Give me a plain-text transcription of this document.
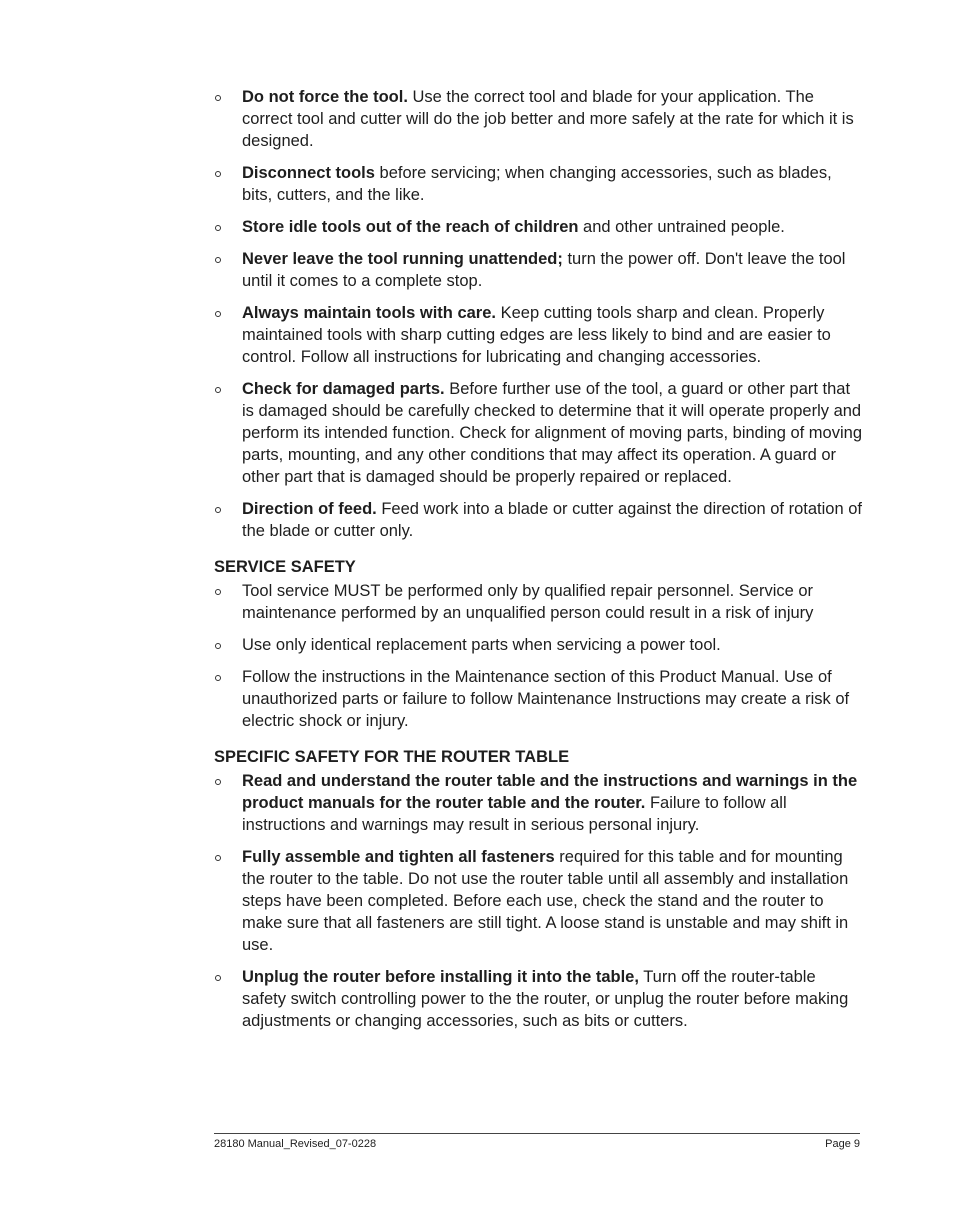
Do not force the tool. Use the correct tool and blade for your application. The correct tool and cutter will do the job better and more safely at the rate for which it is designed.
Disconnect tools before servicing; when changing accessories, such as blades, bits, cutters, and the like.
Store idle tools out of the reach of children and other untrained people.
Never leave the tool running unattended; turn the power off. Don't leave the tool until it comes to a complete stop.
Always maintain tools with care. Keep cutting tools sharp and clean. Properly maintained tools with sharp cutting edges are less likely to bind and are easier to control. Follow all instructions for lubricating and changing accessories.
Check for damaged parts. Before further use of the tool, a guard or other part that is damaged should be carefully checked to determine that it will operate properly and perform its intended function. Check for alignment of moving parts, binding of moving parts, mounting, and any other conditions that may affect its operation. A guard or other part that is damaged should be properly repaired or replaced.
Direction of feed. Feed work into a blade or cutter against the direction of rotation of the blade or cutter only.
SERVICE SAFETY
Tool service MUST be performed only by qualified repair personnel. Service or maintenance performed by an unqualified person could result in a risk of injury
Use only identical replacement parts when servicing a power tool.
Follow the instructions in the Maintenance section of this Product Manual. Use of unauthorized parts or failure to follow Maintenance Instructions may create a risk of electric shock or injury.
SPECIFIC SAFETY FOR THE ROUTER TABLE
Read and understand the router table and the instructions and warnings in the product manuals for the router table and the router. Failure to follow all instructions and warnings may result in serious personal injury.
Fully assemble and tighten all fasteners required for this table and for mounting the router to the table. Do not use the router table until all assembly and installation steps have been completed. Before each use, check the stand and the router to make sure that all fasteners are still tight. A loose stand is unstable and may shift in use.
Unplug the router before installing it into the table, Turn off the router-table safety switch controlling power to the the router, or unplug the router before making adjustments or changing accessories, such as bits or cutters.
28180 Manual_Revised_07-0228	Page 9
